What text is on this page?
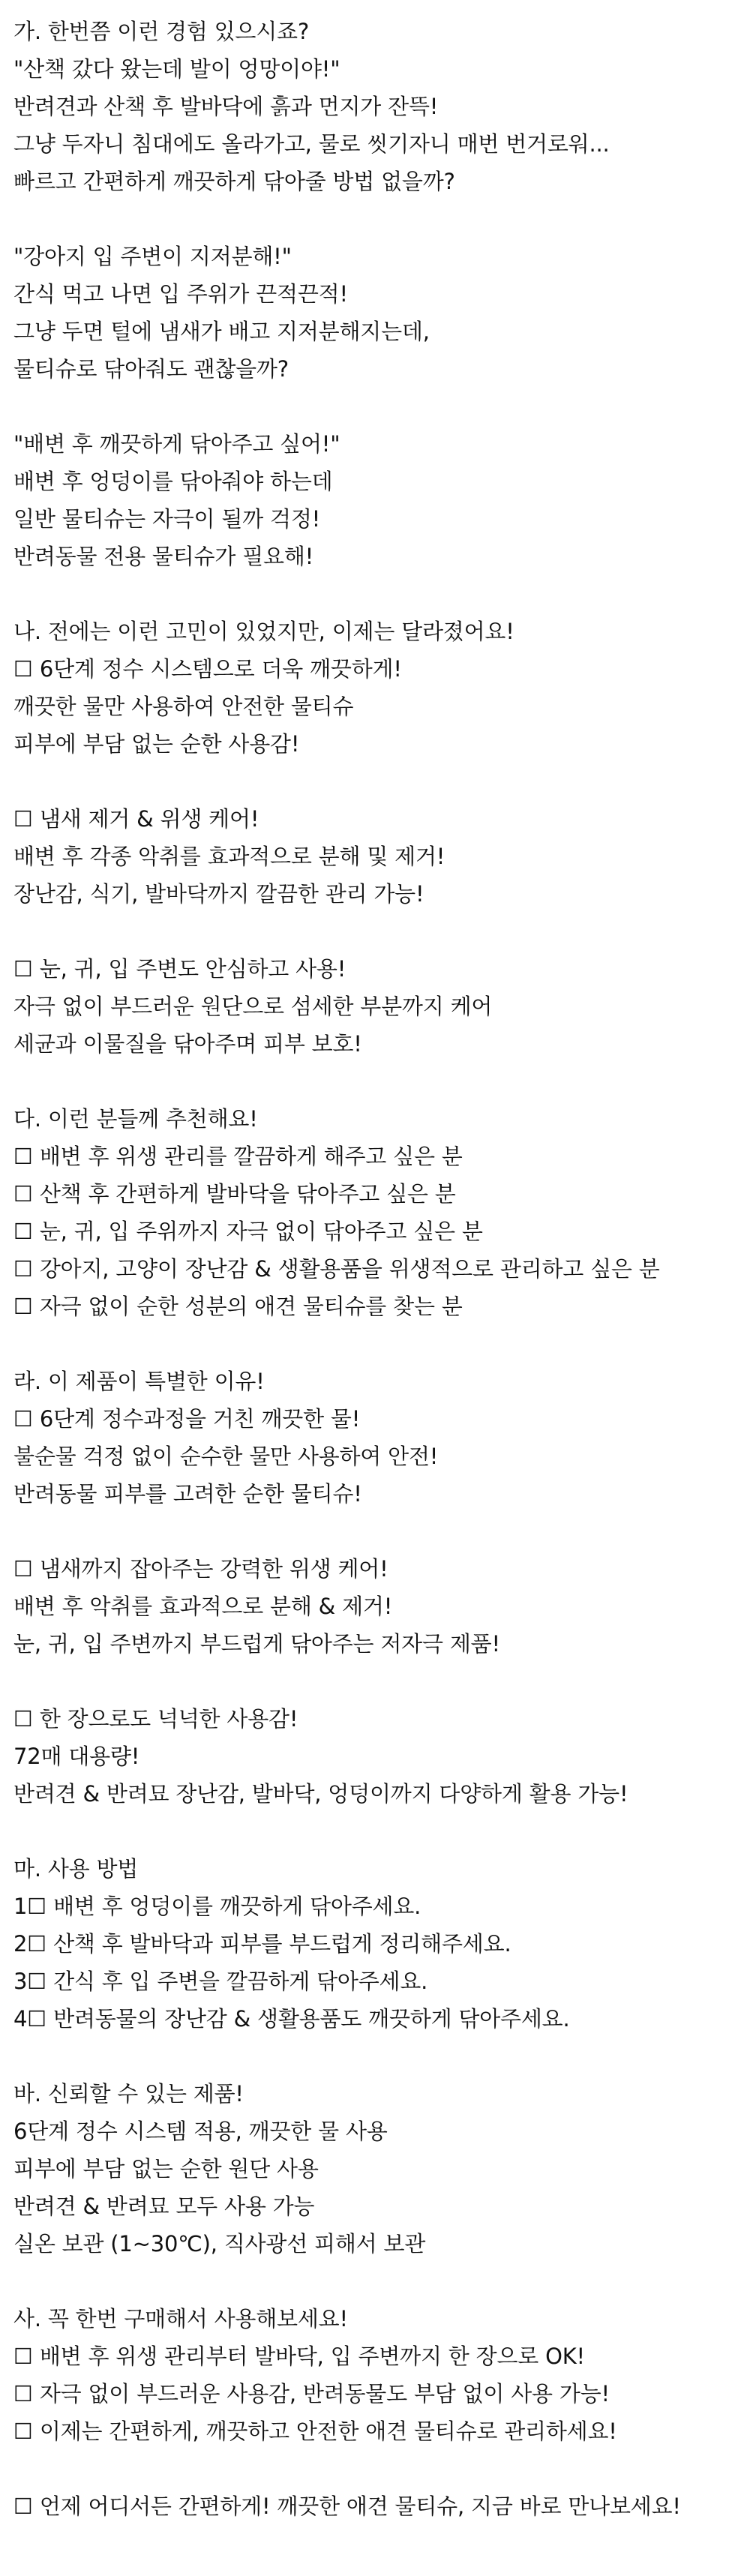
가. 한번쯤 이런 경험 있으시죠?
"산책 갔다 왔는데 발이 엉망이야!"
반려견과 산책 후 발바닥에 흙과 먼지가 잔뜩!
그냥 두자니 침대에도 올라가고, 물로 씻기자니 매번 번거로워...
빠르고 간편하게 깨끗하게 닦아줄 방법 없을까?
"강아지 입 주변이 지저분해!"
간식 먹고 나면 입 주위가 끈적끈적!
그냥 두면 털에 냄새가 배고 지저분해지는데,
물티슈로 닦아줘도 괜찮을까?
"배변 후 깨끗하게 닦아주고 싶어!"
배변 후 엉덩이를 닦아줘야 하는데
일반 물티슈는 자극이 될까 걱정!
반려동물 전용 물티슈가 필요해!
나. 전에는 이런 고민이 있었지만, 이제는 달라졌어요!
☐ 6단계 정수 시스템으로 더욱 깨끗하게!
깨끗한 물만 사용하여 안전한 물티슈
피부에 부담 없는 순한 사용감!
☐ 냄새 제거 & 위생 케어!
배변 후 각종 악취를 효과적으로 분해 및 제거!
장난감, 식기, 발바닥까지 깔끔한 관리 가능!
☐ 눈, 귀, 입 주변도 안심하고 사용!
자극 없이 부드러운 원단으로 섬세한 부분까지 케어
세균과 이물질을 닦아주며 피부 보호!
다. 이런 분들께 추천해요!
☐ 배변 후 위생 관리를 깔끔하게 해주고 싶은 분
☐ 산책 후 간편하게 발바닥을 닦아주고 싶은 분
☐ 눈, 귀, 입 주위까지 자극 없이 닦아주고 싶은 분
☐ 강아지, 고양이 장난감 & 생활용품을 위생적으로 관리하고 싶은 분
☐ 자극 없이 순한 성분의 애견 물티슈를 찾는 분
라. 이 제품이 특별한 이유!
☐ 6단계 정수과정을 거친 깨끗한 물!
불순물 걱정 없이 순수한 물만 사용하여 안전!
반려동물 피부를 고려한 순한 물티슈!
☐ 냄새까지 잡아주는 강력한 위생 케어!
배변 후 악취를 효과적으로 분해 & 제거!
눈, 귀, 입 주변까지 부드럽게 닦아주는 저자극 제품!
☐ 한 장으로도 넉넉한 사용감!
72매 대용량!
반려견 & 반려묘 장난감, 발바닥, 엉덩이까지 다양하게 활용 가능!
마. 사용 방법
1☐ 배변 후 엉덩이를 깨끗하게 닦아주세요.
2☐ 산책 후 발바닥과 피부를 부드럽게 정리해주세요.
3☐ 간식 후 입 주변을 깔끔하게 닦아주세요.
4☐ 반려동물의 장난감 & 생활용품도 깨끗하게 닦아주세요.
바. 신뢰할 수 있는 제품!
6단계 정수 시스템 적용, 깨끗한 물 사용
피부에 부담 없는 순한 원단 사용
반려견 & 반려묘 모두 사용 가능
실온 보관 (1~30℃), 직사광선 피해서 보관
사. 꼭 한번 구매해서 사용해보세요!
☐ 배변 후 위생 관리부터 발바닥, 입 주변까지 한 장으로 OK!
☐ 자극 없이 부드러운 사용감, 반려동물도 부담 없이 사용 가능!
☐ 이제는 간편하게, 깨끗하고 안전한 애견 물티슈로 관리하세요!
☐ 언제 어디서든 간편하게! 깨끗한 애견 물티슈, 지금 바로 만나보세요!
